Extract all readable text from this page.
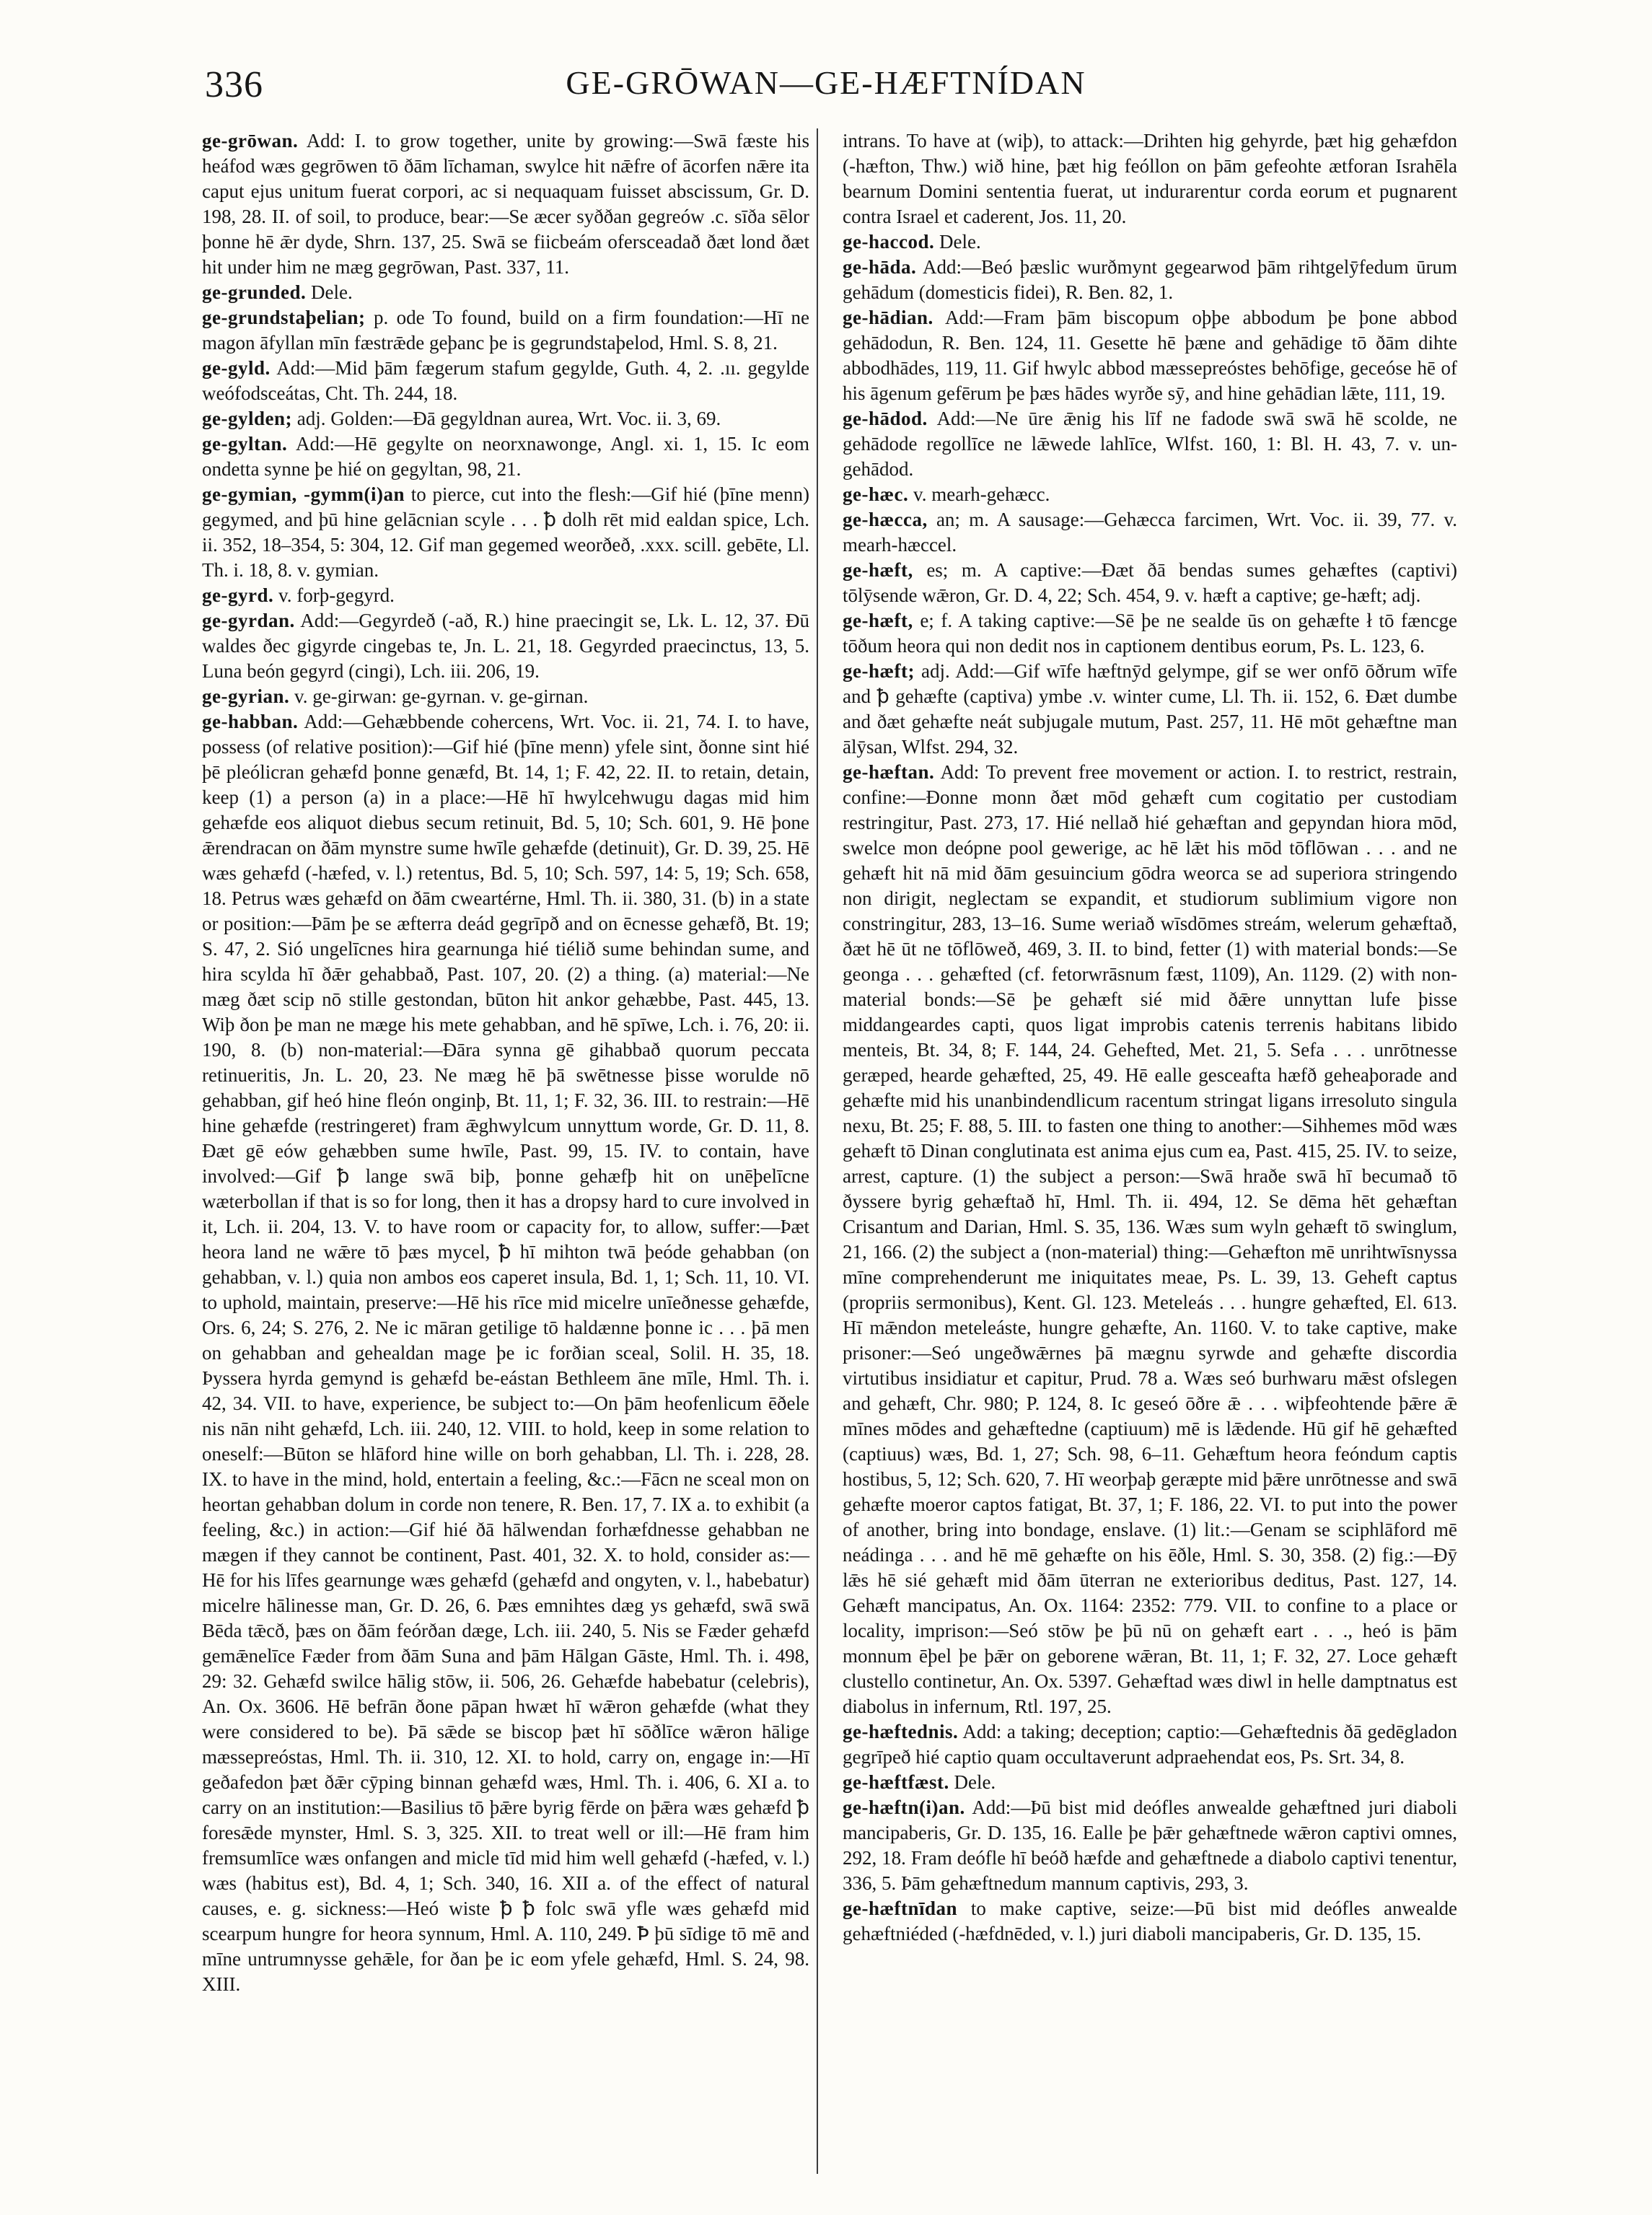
336	GE-GRŌWAN—GE-HÆFTNÍDAN

ge-grōwan. Add: I. to grow together, unite by growing:—Swā fæste his heáfod wæs gegrōwen tō ðām līchaman, swylce hit nǣfre of ācorfen nǣre ita caput ejus unitum fuerat corpori, ac si nequaquam fuisset abscissum, Gr. D. 198, 28. II. of soil, to produce, bear:—Se æcer syððan gegreów .c. sīða sēlor þonne hē ǣr dyde, Shrn. 137, 25. Swā se fiicbeám ofersceadað ðæt lond ðæt hit under him ne mæg gegrōwan, Past. 337, 11.

ge-grunded. Dele.

ge-grundstaþelian; p. ode To found, build on a firm foundation:—Hī ne magon āfyllan mīn fæstrǣde geþanc þe is gegrundstaþelod, Hml. S. 8, 21.

ge-gyld. Add:—Mid þām fægerum stafum gegylde, Guth. 4, 2. .ıı. gegylde weófodsceátas, Cht. Th. 244, 18.

ge-gylden; adj. Golden:—Ðā gegyldnan aurea, Wrt. Voc. ii. 3, 69.

ge-gyltan. Add:—Hē gegylte on neorxnawonge, Angl. xi. 1, 15. Ic eom ondetta synne þe hié on gegyltan, 98, 21.

ge-gymian, -gymm(i)an to pierce, cut into the flesh:—Gif hié (þīne menn) gegymed, and þū hine gelācnian scyle . . . ꝥ dolh rēt mid ealdan spice, Lch. ii. 352, 18–354, 5: 304, 12. Gif man gegemed weorðeð, .xxx. scill. gebēte, Ll. Th. i. 18, 8. v. gymian.

ge-gyrd. v. forþ-gegyrd.

ge-gyrdan. Add:—Gegyrdeð (-að, R.) hine praecingit se, Lk. L. 12, 37. Ðū waldes ðec gigyrde cingebas te, Jn. L. 21, 18. Gegyrded praecinctus, 13, 5. Luna beón gegyrd (cingi), Lch. iii. 206, 19.

ge-gyrian. v. ge-girwan: ge-gyrnan. v. ge-girnan.

ge-habban. Add:—Gehæbbende cohercens, Wrt. Voc. ii. 21, 74. I. to have, possess (of relative position):—Gif hié (þīne menn) yfele sint, ðonne sint hié þē pleólicran gehæfd þonne genæfd, Bt. 14, 1; F. 42, 22. II. to retain, detain, keep (1) a person (a) in a place:—Hē hī hwylcehwugu dagas mid him gehæfde eos aliquot diebus secum retinuit, Bd. 5, 10; Sch. 601, 9. Hē þone ǣrendracan on ðām mynstre sume hwīle gehæfde (detinuit), Gr. D. 39, 25. Hē wæs gehæfd (-hæfed, v. l.) retentus, Bd. 5, 10; Sch. 597, 14: 5, 19; Sch. 658, 18. Petrus wæs gehæfd on ðām cweartérne, Hml. Th. ii. 380, 31. (b) in a state or position:—Þām þe se æfterra deád gegrīpð and on ēcnesse gehæfð, Bt. 19; S. 47, 2. Sió ungelīcnes hira gearnunga hié tiélið sume behindan sume, and hira scylda hī ðǣr gehabbað, Past. 107, 20. (2) a thing. (a) material:—Ne mæg ðæt scip nō stille gestondan, būton hit ankor gehæbbe, Past. 445, 13. Wiþ ðon þe man ne mæge his mete gehabban, and hē spīwe, Lch. i. 76, 20: ii. 190, 8. (b) non-material:—Ðāra synna gē gihabbað quorum peccata retinueritis, Jn. L. 20, 23. Ne mæg hē þā swētnesse þisse worulde nō gehabban, gif heó hine fleón onginþ, Bt. 11, 1; F. 32, 36. III. to restrain:—Hē hine gehæfde (restringeret) fram ǣghwylcum unnyttum worde, Gr. D. 11, 8. Ðæt gē eów gehæbben sume hwīle, Past. 99, 15. IV. to contain, have involved:—Gif ꝥ lange swā biþ, þonne gehæfþ hit on unēþelīcne wæterbollan if that is so for long, then it has a dropsy hard to cure involved in it, Lch. ii. 204, 13. V. to have room or capacity for, to allow, suffer:—Þæt heora land ne wǣre tō þæs mycel, ꝥ hī mihton twā þeóde gehabban (on gehabban, v. l.) quia non ambos eos caperet insula, Bd. 1, 1; Sch. 11, 10. VI. to uphold, maintain, preserve:—Hē his rīce mid micelre unīeðnesse gehæfde, Ors. 6, 24; S. 276, 2. Ne ic māran getilige tō haldænne þonne ic . . . þā men on gehabban and gehealdan mage þe ic forðian sceal, Solil. H. 35, 18. Þyssera hyrda gemynd is gehæfd be-eástan Bethleem āne mīle, Hml. Th. i. 42, 34. VII. to have, experience, be subject to:—On þām heofenlicum ēðele nis nān niht gehæfd, Lch. iii. 240, 12. VIII. to hold, keep in some relation to oneself:—Būton se hlāford hine wille on borh gehabban, Ll. Th. i. 228, 28. IX. to have in the mind, hold, entertain a feeling, &c.:—Fācn ne sceal mon on heortan gehabban dolum in corde non tenere, R. Ben. 17, 7. IX a. to exhibit (a feeling, &c.) in action:—Gif hié ðā hālwendan forhæfdnesse gehabban ne mægen if they cannot be continent, Past. 401, 32. X. to hold, consider as:—Hē for his līfes gearnunge wæs gehæfd (gehæfd and ongyten, v. l., habebatur) micelre hālinesse man, Gr. D. 26, 6. Þæs emnihtes dæg ys gehæfd, swā swā Bēda tǣcð, þæs on ðām feórðan dæge, Lch. iii. 240, 5. Nis se Fæder gehæfd gemǣnelīce Fæder from ðām Suna and þām Hālgan Gāste, Hml. Th. i. 498, 29: 32. Gehæfd swilce hālig stōw, ii. 506, 26. Gehæfde habebatur (celebris), An. Ox. 3606. Hē befrān ðone pāpan hwæt hī wǣron gehæfde (what they were considered to be). Þā sǣde se biscop þæt hī sōðlīce wǣron hālige mæssepreóstas, Hml. Th. ii. 310, 12. XI. to hold, carry on, engage in:—Hī geðafedon þæt ðǣr cȳping binnan gehæfd wæs, Hml. Th. i. 406, 6. XI a. to carry on an institution:—Basilius tō þǣre byrig fērde on þǣra wæs gehæfd ꝥ foresǣde mynster, Hml. S. 3, 325. XII. to treat well or ill:—Hē fram him fremsumlīce wæs onfangen and micle tīd mid him well gehæfd (-hæfed, v. l.) wæs (habitus est), Bd. 4, 1; Sch. 340, 16. XII a. of the effect of natural causes, e. g. sickness:—Heó wiste ꝥ ꝥ folc swā yfle wæs gehæfd mid scearpum hungre for heora synnum, Hml. A. 110, 249. Ꝥ þū sīdige tō mē and mīne untrumnysse gehǣle, for ðan þe ic eom yfele gehæfd, Hml. S. 24, 98. XIII.

intrans. To have at (wiþ), to attack:—Drihten hig gehyrde, þæt hig gehæfdon (-hæfton, Thw.) wið hine, þæt hig feóllon on þām gefeohte ætforan Israhēla bearnum Domini sententia fuerat, ut indurarentur corda eorum et pugnarent contra Israel et caderent, Jos. 11, 20.

ge-haccod. Dele.

ge-hāda. Add:—Beó þæslic wurðmynt gegearwod þām rihtgelȳfedum ūrum gehādum (domesticis fidei), R. Ben. 82, 1.

ge-hādian. Add:—Fram þām biscopum oþþe abbodum þe þone abbod gehādodun, R. Ben. 124, 11. Gesette hē þæne and gehādige tō ðām dihte abbodhādes, 119, 11. Gif hwylc abbod mæssepreóstes behōfige, geceóse hē of his āgenum gefērum þe þæs hādes wyrðe sȳ, and hine gehādian lǣte, 111, 19.

ge-hādod. Add:—Ne ūre ǣnig his līf ne fadode swā swā hē scolde, ne gehādode regollīce ne lǣwede lahlīce, Wlfst. 160, 1: Bl. H. 43, 7. v. un-gehādod.

ge-hæc. v. mearh-gehæcc.

ge-hæcca, an; m. A sausage:—Gehæcca farcimen, Wrt. Voc. ii. 39, 77. v. mearh-hæccel.

ge-hæft, es; m. A captive:—Ðæt ðā bendas sumes gehæftes (captivi) tōlȳsende wǣron, Gr. D. 4, 22; Sch. 454, 9. v. hæft a captive; ge-hæft; adj.

ge-hæft, e; f. A taking captive:—Sē þe ne sealde ūs on gehæfte ł tō fæncge tōðum heora qui non dedit nos in captionem dentibus eorum, Ps. L. 123, 6.

ge-hæft; adj. Add:—Gif wīfe hæftnȳd gelympe, gif se wer onfō ōðrum wīfe and ꝥ gehæfte (captiva) ymbe .v. winter cume, Ll. Th. ii. 152, 6. Ðæt dumbe and ðæt gehæfte neát subjugale mutum, Past. 257, 11. Hē mōt gehæftne man ālȳsan, Wlfst. 294, 32.

ge-hæftan. Add: To prevent free movement or action. I. to restrict, restrain, confine:—Ðonne monn ðæt mōd gehæft cum cogitatio per custodiam restringitur, Past. 273, 17. Hié nellað hié gehæftan and gepyndan hiora mōd, swelce mon deópne pool gewerige, ac hē lǣt his mōd tōflōwan . . . and ne gehæft hit nā mid ðām gesuincium gōdra weorca se ad superiora stringendo non dirigit, neglectam se expandit, et studiorum sublimium vigore non constringitur, 283, 13–16. Sume weriað wīsdōmes streám, welerum gehæftað, ðæt hē ūt ne tōflōweð, 469, 3. II. to bind, fetter (1) with material bonds:—Se geonga . . . gehæfted (cf. fetorwrāsnum fæst, 1109), An. 1129. (2) with non-material bonds:—Sē þe gehæft sié mid ðǣre unnyttan lufe þisse middangeardes capti, quos ligat improbis catenis terrenis habitans libido menteis, Bt. 34, 8; F. 144, 24. Gehefted, Met. 21, 5. Sefa . . . unrōtnesse geræped, hearde gehæfted, 25, 49. Hē ealle gesceafta hæfð geheaþorade and gehæfte mid his unanbindendlicum racentum stringat ligans irresoluto singula nexu, Bt. 25; F. 88, 5. III. to fasten one thing to another:—Sihhemes mōd wæs gehæft tō Dinan conglutinata est anima ejus cum ea, Past. 415, 25. IV. to seize, arrest, capture. (1) the subject a person:—Swā hraðe swā hī becumað tō ðyssere byrig gehæftað hī, Hml. Th. ii. 494, 12. Se dēma hēt gehæftan Crisantum and Darian, Hml. S. 35, 136. Wæs sum wyln gehæft tō swinglum, 21, 166. (2) the subject a (non-material) thing:—Gehæfton mē unrihtwīsnyssa mīne comprehenderunt me iniquitates meae, Ps. L. 39, 13. Geheft captus (propriis sermonibus), Kent. Gl. 123. Meteleás . . . hungre gehæfted, El. 613. Hī mǣndon meteleáste, hungre gehæfte, An. 1160. V. to take captive, make prisoner:—Seó ungeðwǣrnes þā mægnu syrwde and gehæfte discordia virtutibus insidiatur et capitur, Prud. 78 a. Wæs seó burhwaru mǣst ofslegen and gehæft, Chr. 980; P. 124, 8. Ic geseó ōðre ǣ . . . wiþfeohtende þǣre ǣ mīnes mōdes and gehæftedne (captiuum) mē is lǣdende. Hū gif hē gehæfted (captiuus) wæs, Bd. 1, 27; Sch. 98, 6–11. Gehæftum heora feóndum captis hostibus, 5, 12; Sch. 620, 7. Hī weorþaþ geræpte mid þǣre unrōtnesse and swā gehæfte moeror captos fatigat, Bt. 37, 1; F. 186, 22. VI. to put into the power of another, bring into bondage, enslave. (1) lit.:—Genam se sciphlāford mē neádinga . . . and hē mē gehæfte on his ēðle, Hml. S. 30, 358. (2) fig.:—Ðȳ lǣs hē sié gehæft mid ðām ūterran ne exterioribus deditus, Past. 127, 14. Gehæft mancipatus, An. Ox. 1164: 2352: 779. VII. to confine to a place or locality, imprison:—Seó stōw þe þū nū on gehæft eart . . ., heó is þām monnum ēþel þe þǣr on geborene wǣran, Bt. 11, 1; F. 32, 27. Loce gehæft clustello continetur, An. Ox. 5397. Gehæftad wæs diwl in helle damptnatus est diabolus in infernum, Rtl. 197, 25.

ge-hæftednis. Add: a taking; deception; captio:—Gehæftednis ðā gedēgladon gegrīpeð hié captio quam occultaverunt adpraehendat eos, Ps. Srt. 34, 8.

ge-hæftfæst. Dele.

ge-hæftn(i)an. Add:—Þū bist mid deófles anwealde gehæftned juri diaboli mancipaberis, Gr. D. 135, 16. Ealle þe þǣr gehæftnede wǣron captivi omnes, 292, 18. Fram deófle hī beóð hæfde and gehæftnede a diabolo captivi tenentur, 336, 5. Þām gehæftnedum mannum captivis, 293, 3.

ge-hæftnīdan to make captive, seize:—Þū bist mid deófles anwealde gehæftniéded (-hæfdnēded, v. l.) juri diaboli mancipaberis, Gr. D. 135, 15.
